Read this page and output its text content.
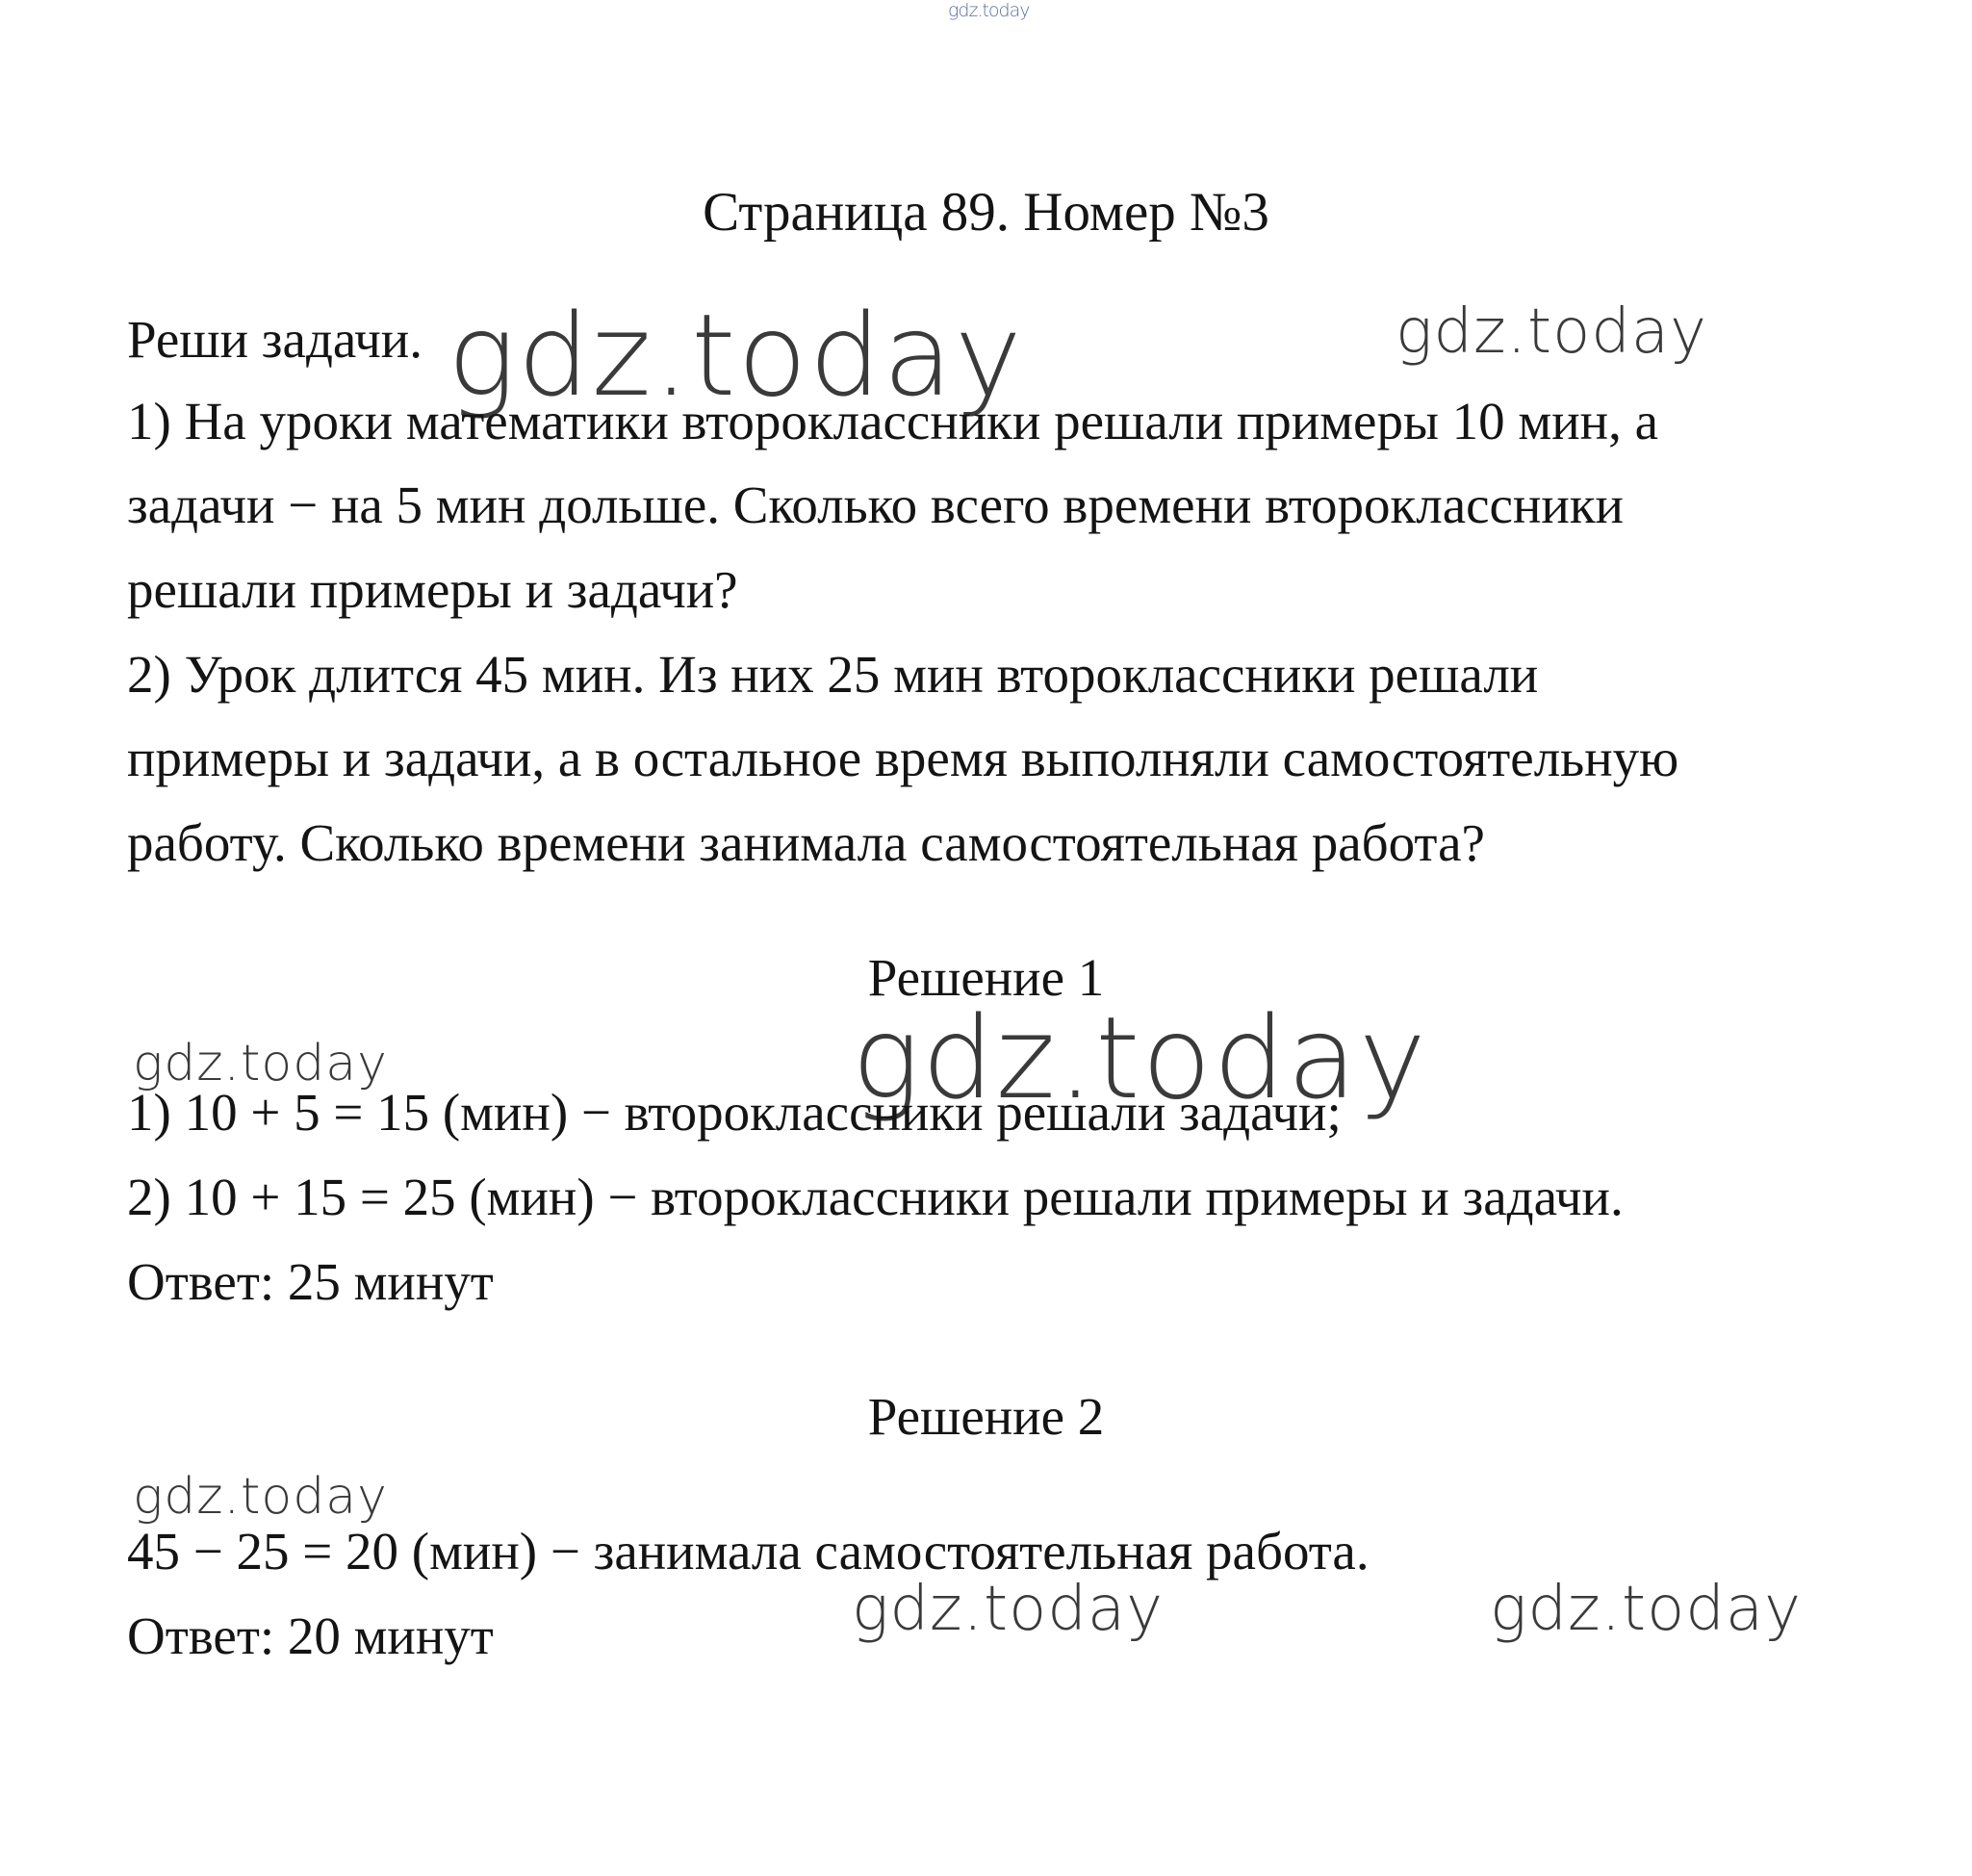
gdz.today
gdz.today	gdz.today
gdz.today
gdz.today
gdz.today
gdz.today	gdz.today
Страница 89. Номер №3
Реши задачи.
1) На уроки математики второклассники решали примеры 10 мин, а
задачи − на 5 мин дольше. Сколько всего времени второклассники
решали примеры и задачи?
2) Урок длится 45 мин. Из них 25 мин второклассники решали
примеры и задачи, а в остальное время выполняли самостоятельную
работу. Сколько времени занимала самостоятельная работа?
Решение 1
1) 10 + 5 = 15 (мин) − второклассники решали задачи;
2) 10 + 15 = 25 (мин) − второклассники решали примеры и задачи.
Ответ: 25 минут
Решение 2
45 − 25 = 20 (мин) − занимала самостоятельная работа.
Ответ: 20 минут
